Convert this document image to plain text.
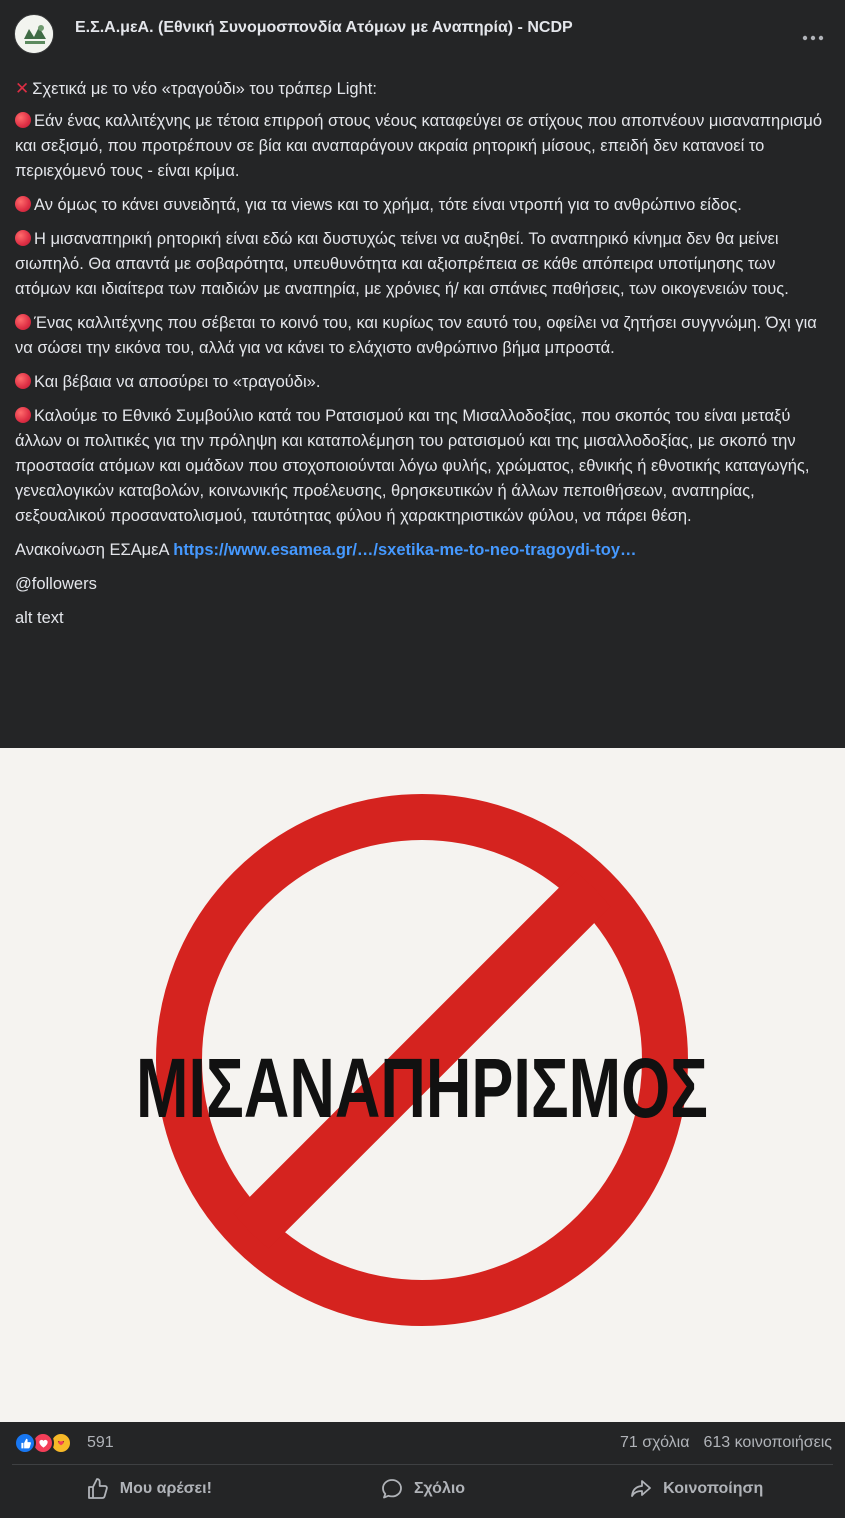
Ε.Σ.Α.μεΑ. (Εθνική Συνομοσπονδία Ατόμων με Αναπηρία) - NCDP

✕ Σχετικά με το νέο «τραγούδι» του τράπερ Light:

Εάν ένας καλλιτέχνης με τέτοια επιρροή στους νέους καταφεύγει σε στίχους που αποπνέουν μισαναπηρισμό και σεξισμό, που προτρέπουν σε βία και αναπαράγουν ακραία ρητορική μίσους, επειδή δεν κατανοεί το περιεχόμενό τους - είναι κρίμα.

Αν όμως το κάνει συνειδητά, για τα views και το χρήμα, τότε είναι ντροπή για το ανθρώπινο είδος.

Η μισαναπηρική ρητορική είναι εδώ και δυστυχώς τείνει να αυξηθεί. Το αναπηρικό κίνημα δεν θα μείνει σιωπηλό. Θα απαντά με σοβαρότητα, υπευθυνότητα και αξιοπρέπεια σε κάθε απόπειρα υποτίμησης των ατόμων και ιδιαίτερα των παιδιών με αναπηρία, με χρόνιες ή/ και σπάνιες παθήσεις, των οικογενειών τους.

Ένας καλλιτέχνης που σέβεται το κοινό του, και κυρίως τον εαυτό του, οφείλει να ζητήσει συγγνώμη. Όχι για να σώσει την εικόνα του, αλλά για να κάνει το ελάχιστο ανθρώπινο βήμα μπροστά.

Και βέβαια να αποσύρει το «τραγούδι».

Καλούμε το Εθνικό Συμβούλιο κατά του Ρατσισμού και της Μισαλλοδοξίας, που σκοπός του είναι μεταξύ άλλων οι πολιτικές για την πρόληψη και καταπολέμηση του ρατσισμού και της μισαλλοδοξίας, με σκοπό την προστασία ατόμων και ομάδων που στοχοποιούνται λόγω φυλής, χρώματος, εθνικής ή εθνοτικής καταγωγής, γενεαλογικών καταβολών, κοινωνικής προέλευσης, θρησκευτικών ή άλλων πεποιθήσεων, αναπηρίας, σεξουαλικού προσανατολισμού, ταυτότητας φύλου ή χαρακτηριστικών φύλου, να πάρει θέση.

Ανακοίνωση ΕΣΑμεΑ https://www.esamea.gr/…/sxetika-me-to-neo-tragoydi-toy…

@followers

alt text

ΜΙΣΑΝΑΠΗΡΙΣΜΟΣ
591	71 σχόλια 613 κοινοποιήσεις
Μου αρέσει!	Σχόλιο	Κοινοποίηση
